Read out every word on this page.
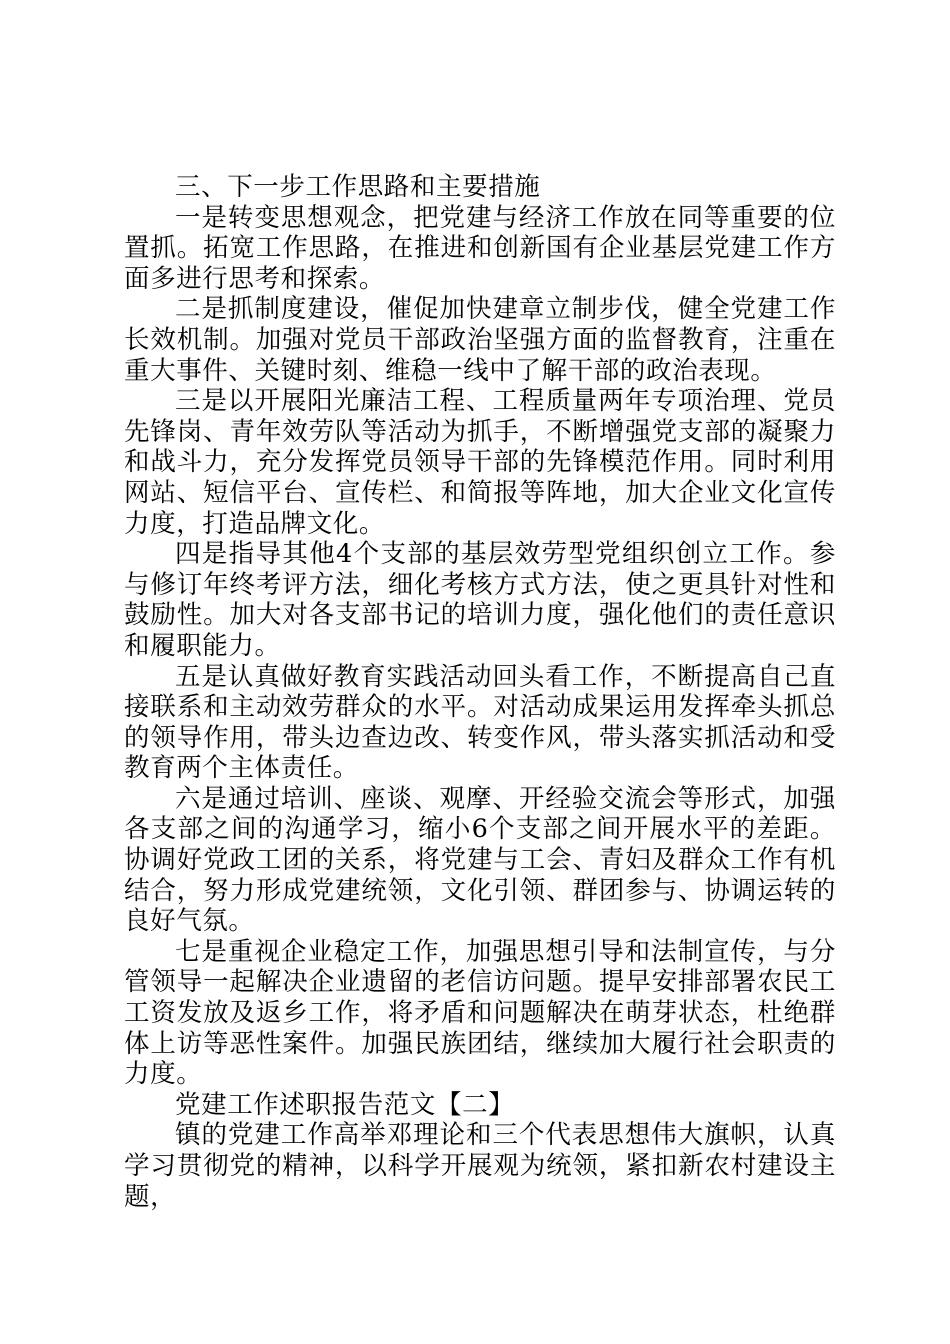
三、下一步工作思路和主要措施

一是转变思想观念，把党建与经济工作放在同等重要的位置抓。拓宽工作思路，在推进和创新国有企业基层党建工作方面多进行思考和探索。

二是抓制度建设，催促加快建章立制步伐，健全党建工作长效机制。加强对党员干部政治坚强方面的监督教育，注重在重大事件、关键时刻、维稳一线中了解干部的政治表现。

三是以开展阳光廉洁工程、工程质量两年专项治理、党员先锋岗、青年效劳队等活动为抓手，不断增强党支部的凝聚力和战斗力，充分发挥党员领导干部的先锋模范作用。同时利用网站、短信平台、宣传栏、和简报等阵地，加大企业文化宣传力度，打造品牌文化。

四是指导其他4个支部的基层效劳型党组织创立工作。参与修订年终考评方法，细化考核方式方法，使之更具针对性和鼓励性。加大对各支部书记的培训力度，强化他们的责任意识和履职能力。

五是认真做好教育实践活动回头看工作，不断提高自己直接联系和主动效劳群众的水平。对活动成果运用发挥牵头抓总的领导作用，带头边查边改、转变作风，带头落实抓活动和受教育两个主体责任。

六是通过培训、座谈、观摩、开经验交流会等形式，加强各支部之间的沟通学习，缩小6个支部之间开展水平的差距。协调好党政工团的关系，将党建与工会、青妇及群众工作有机结合，努力形成党建统领，文化引领、群团参与、协调运转的良好气氛。

七是重视企业稳定工作，加强思想引导和法制宣传，与分管领导一起解决企业遗留的老信访问题。提早安排部署农民工工资发放及返乡工作，将矛盾和问题解决在萌芽状态，杜绝群体上访等恶性案件。加强民族团结，继续加大履行社会职责的力度。

党建工作述职报告范文【二】

镇的党建工作高举邓理论和三个代表思想伟大旗帜，认真学习贯彻党的精神，以科学开展观为统领，紧扣新农村建设主题，
